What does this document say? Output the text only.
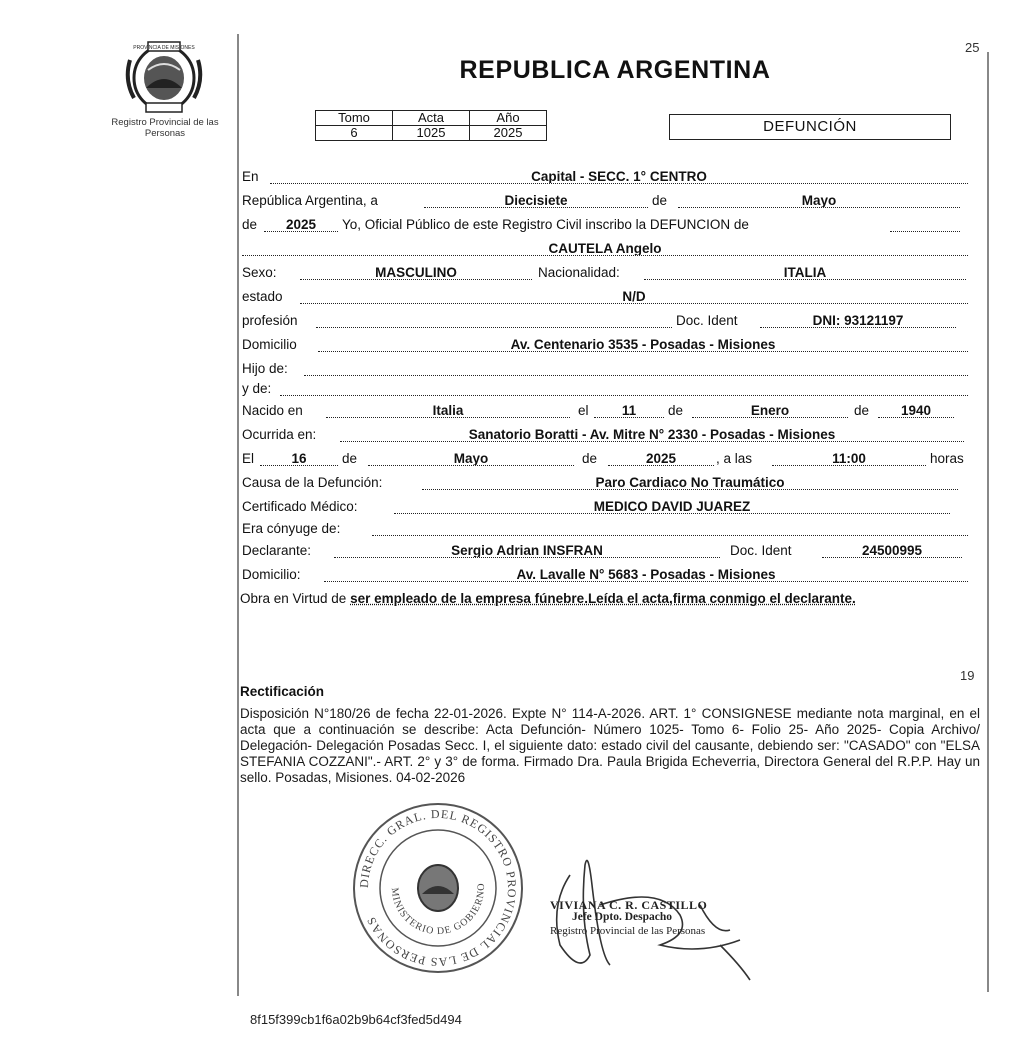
PROVINCIA DE MISIONES
Registro Provincial de las Personas
25
REPUBLICA ARGENTINA
Tomo	Acta	Año
6	1025	2025	DEFUNCIÓN
En	Capital - SECC. 1° CENTRO
República Argentina, a	Diecisiete	de	Mayo
de	2025	Yo, Oficial Público de este Registro Civil inscribo la DEFUNCION de
CAUTELA Angelo
Sexo:	MASCULINO	Nacionalidad:	ITALIA
estado	N/D
profesión	Doc. Ident	DNI: 93121197
Domicilio	Av. Centenario 3535 - Posadas - Misiones
Hijo de:
y de:
Nacido en	Italia	el	11	de	Enero	de	1940
Ocurrida en:	Sanatorio Boratti - Av. Mitre N° 2330 - Posadas - Misiones
El	16	de	Mayo	de	2025	, a las	11:00	horas
Causa de la Defunción:	Paro Cardiaco No Traumático
Certificado Médico:	MEDICO DAVID JUAREZ
Era cónyuge de:
Declarante:	Sergio Adrian INSFRAN	Doc. Ident	24500995
Domicilio:	Av. Lavalle N° 5683 - Posadas - Misiones
Obra en Virtud de ser empleado de la empresa fúnebre.Leída el acta,firma conmigo el declarante.
19
Rectificación
Disposición N°180/26 de fecha 22-01-2026. Expte N° 114-A-2026. ART. 1° CONSIGNESE mediante nota marginal, en el acta que a continuación se describe: Acta Defunción- Número 1025- Tomo 6- Folio 25- Año 2025- Copia Archivo/ Delegación- Delegación Posadas Secc. I, el siguiente dato: estado civil del causante, debiendo ser: "CASADO" con "ELSA STEFANIA COZZANI".- ART. 2° y 3° de forma. Firmado Dra. Paula Brigida Echeverria, Directora General del R.P.P. Hay un sello. Posadas, Misiones. 04-02-2026
DIRECC. GRAL. DEL REGISTRO PROVINCIAL DE LAS PERSONAS
MINISTERIO DE GOBIERNO
VIVIANA C. R. CASTILLO
Jefe Dpto. Despacho
Registro Provincial de las Personas
8f15f399cb1f6a02b9b64cf3fed5d494
